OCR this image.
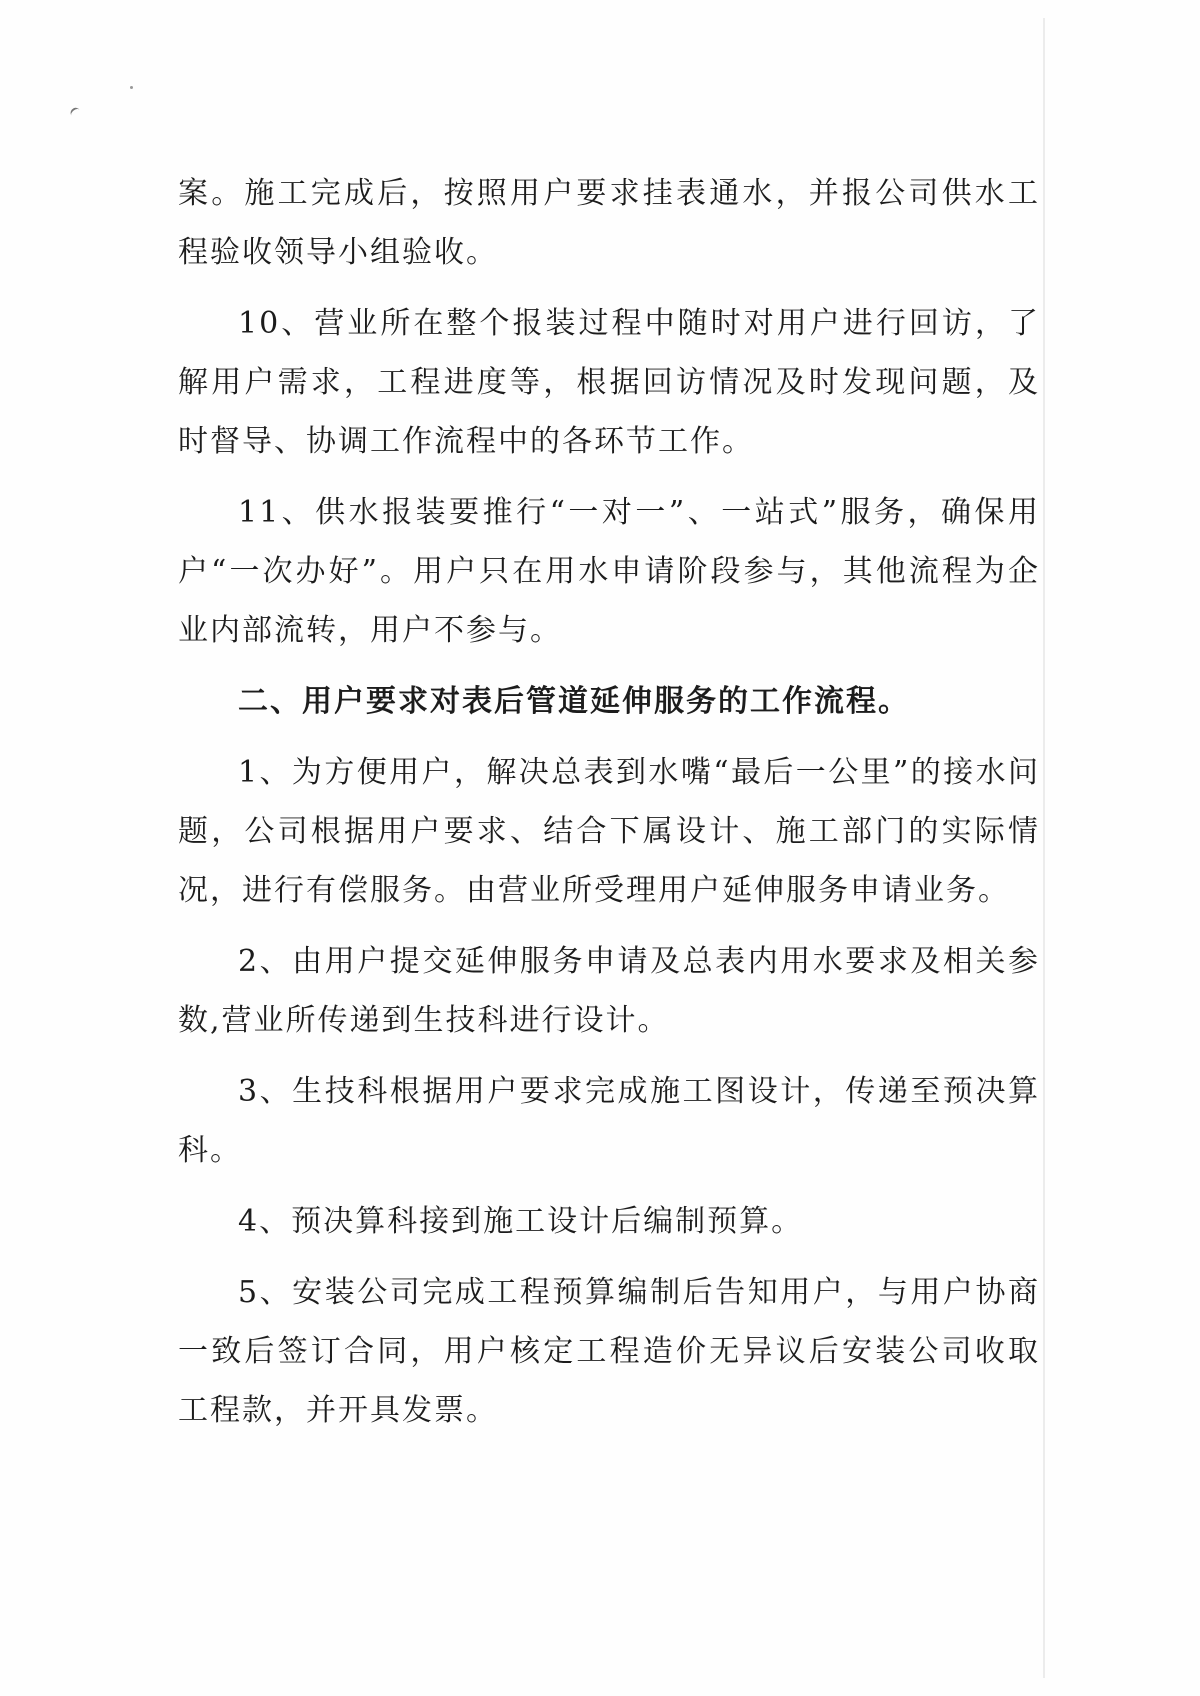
案。施工完成后，按照用户要求挂表通水，并报公司供水工程验收领导小组验收。

10、营业所在整个报装过程中随时对用户进行回访，了解用户需求，工程进度等，根据回访情况及时发现问题，及时督导、协调工作流程中的各环节工作。

11、供水报装要推行“一对一”、一站式”服务，确保用户“一次办好”。用户只在用水申请阶段参与，其他流程为企业内部流转，用户不参与。

二、用户要求对表后管道延伸服务的工作流程。

1、为方便用户，解决总表到水嘴“最后一公里”的接水问题，公司根据用户要求、结合下属设计、施工部门的实际情况，进行有偿服务。由营业所受理用户延伸服务申请业务。

2、由用户提交延伸服务申请及总表内用水要求及相关参数,营业所传递到生技科进行设计。

3、生技科根据用户要求完成施工图设计，传递至预决算科。

4、预决算科接到施工设计后编制预算。

5、安装公司完成工程预算编制后告知用户，与用户协商一致后签订合同，用户核定工程造价无异议后安装公司收取工程款，并开具发票。
